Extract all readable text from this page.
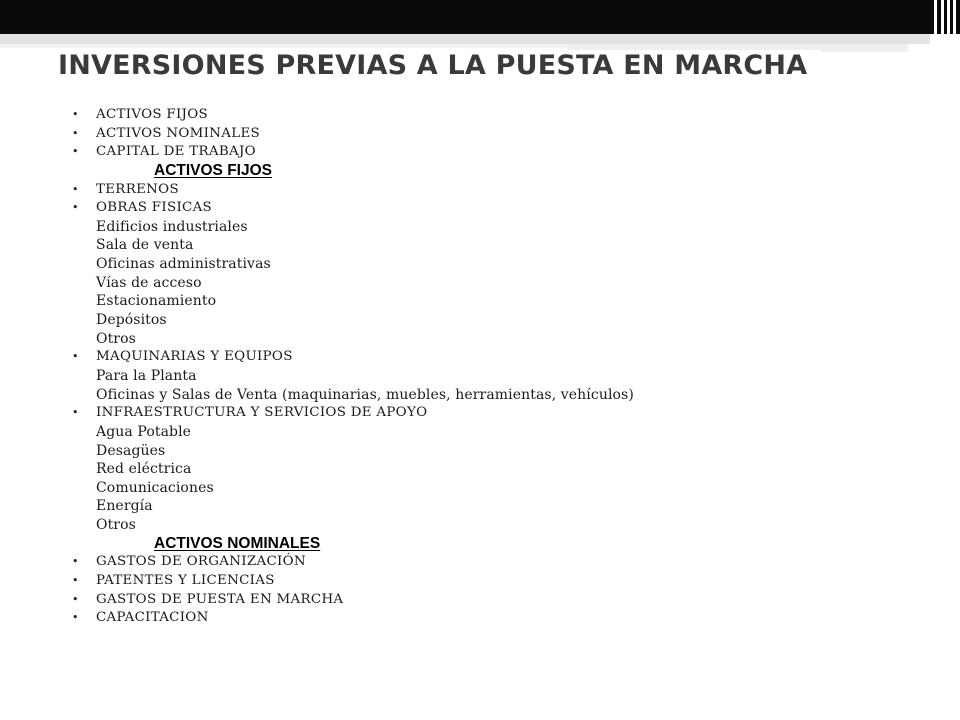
INVERSIONES PREVIAS A LA PUESTA EN MARCHA
• ACTIVOS FIJOS
• ACTIVOS NOMINALES
• CAPITAL DE TRABAJO
ACTIVOS FIJOS
• TERRENOS
• OBRAS FISICAS
Edificios industriales
Sala de venta
Oficinas administrativas
Vías de acceso
Estacionamiento
Depósitos
Otros
• MAQUINARIAS Y EQUIPOS
Para la Planta
Oficinas y Salas de Venta (maquinarias, muebles, herramientas, vehículos)
• INFRAESTRUCTURA Y SERVICIOS DE APOYO
Agua Potable
Desagües
Red eléctrica
Comunicaciones
Energía
Otros
ACTIVOS NOMINALES
• GASTOS DE ORGANIZACIÓN
• PATENTES Y LICENCIAS
• GASTOS DE PUESTA EN MARCHA
• CAPACITACION
